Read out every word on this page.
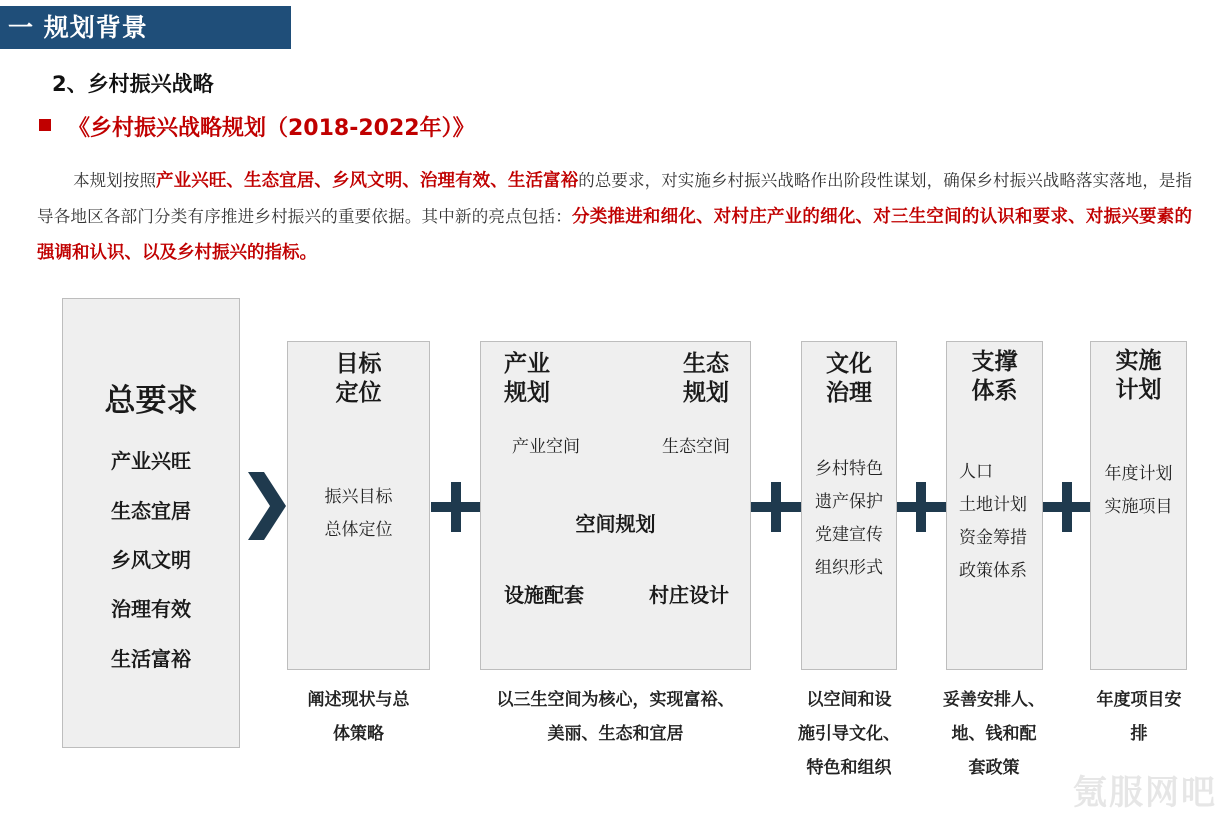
一 规划背景
2、乡村振兴战略
《乡村振兴战略规划（2018-2022年）》
本规划按照产业兴旺、生态宜居、乡风文明、治理有效、生活富裕的总要求，对实施乡村振兴战略作出阶段性谋划，确保乡村振兴战略落实落地，是指导各地区各部门分类有序推进乡村振兴的重要依据。其中新的亮点包括：分类推进和细化、对村庄产业的细化、对三生空间的认识和要求、对振兴要素的强调和认识、以及乡村振兴的指标。
总要求
产业兴旺
生态宜居
乡风文明
治理有效
生活富裕
目标
定位
振兴目标
总体定位
阐述现状与总
体策略
产业
规划
生态
规划
产业空间	生态空间
空间规划
设施配套	村庄设计
以三生空间为核心，实现富裕、
美丽、生态和宜居
文化
治理
乡村特色
遗产保护
党建宣传
组织形式
以空间和设
施引导文化、
特色和组织
支撑
体系
人口
土地计划
资金筹措
政策体系
妥善安排人、
地、钱和配
套政策
实施
计划
年度计划
实施项目
年度项目安
排
氪服网吧
